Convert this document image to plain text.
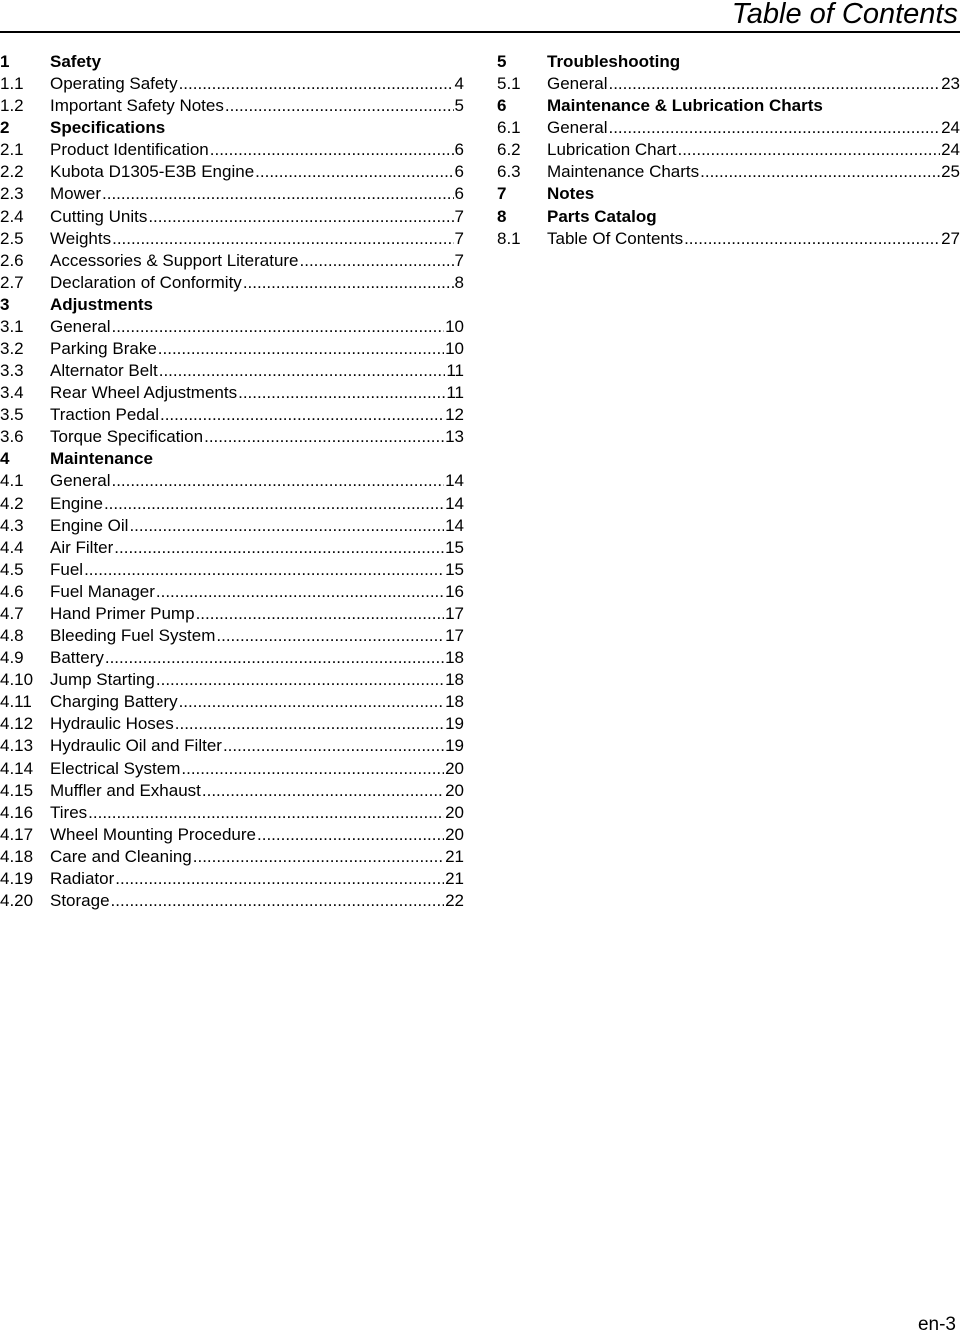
Table of Contents
1	Safety
1.1	Operating Safety .....	4
1.2	Important Safety Notes .....	5
2	Specifications
2.1	Product Identification .....	6
2.2	Kubota D1305-E3B Engine .....	6
2.3	Mower .....	6
2.4	Cutting Units .....	7
2.5	Weights .....	7
2.6	Accessories & Support Literature .....	7
2.7	Declaration of Conformity .....	8
3	Adjustments
3.1	General .....	10
3.2	Parking Brake .....	10
3.3	Alternator Belt .....	11
3.4	Rear Wheel Adjustments .....	11
3.5	Traction Pedal .....	12
3.6	Torque Specification .....	13
4	Maintenance
4.1	General .....	14
4.2	Engine .....	14
4.3	Engine Oil .....	14
4.4	Air Filter .....	15
4.5	Fuel .....	15
4.6	Fuel Manager .....	16
4.7	Hand Primer Pump .....	17
4.8	Bleeding Fuel System .....	17
4.9	Battery .....	18
4.10 Jump Starting .....	18
4.11	Charging Battery .....	18
4.12 Hydraulic Hoses .....	19
4.13 Hydraulic Oil and Filter .....	19
4.14 Electrical System .....	20
4.15 Muffler and Exhaust .....	20
4.16 Tires .....	20
4.17 Wheel Mounting Procedure .....	20
4.18 Care and Cleaning .....	21
4.19 Radiator .....	21
4.20 Storage .....	22
5	Troubleshooting
5.1	General .....	23
6	Maintenance & Lubrication Charts
6.1	General .....	24
6.2	Lubrication Chart .....	24
6.3	Maintenance Charts .....	25
7	Notes
8	Parts Catalog
8.1	Table Of Contents .....	27
en-3
